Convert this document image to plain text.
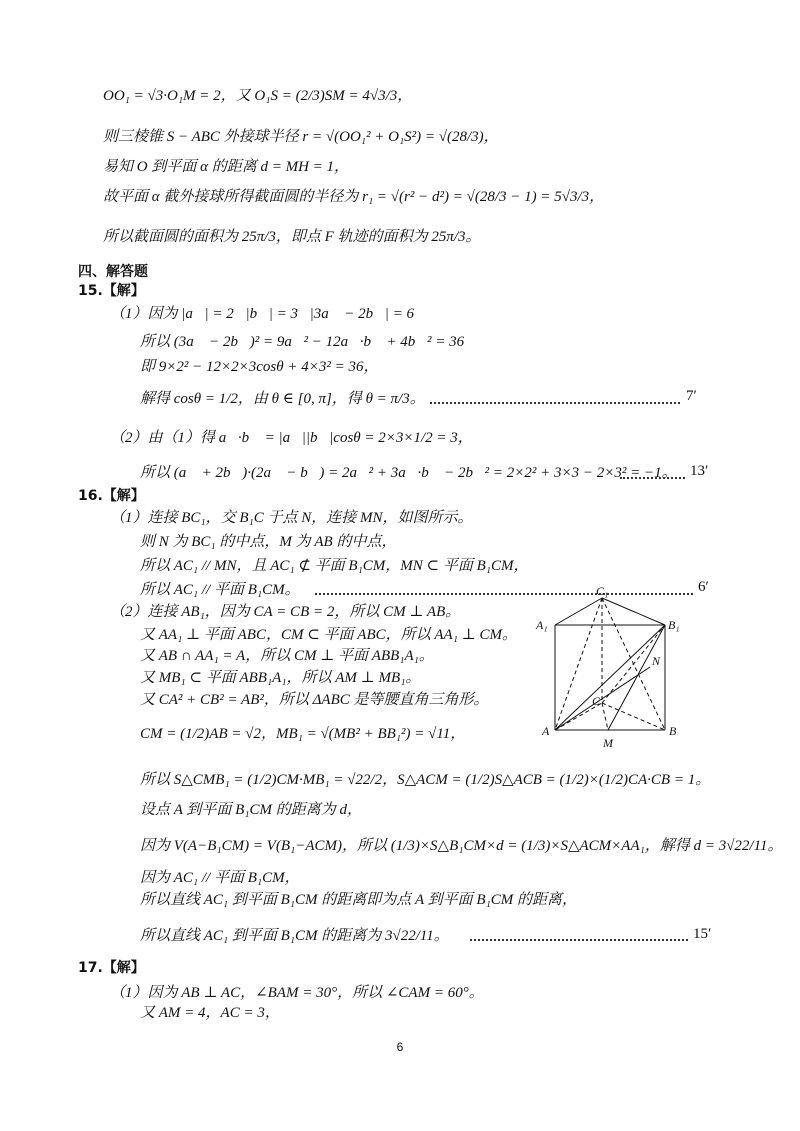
OO₁ = √3·O₁M = 2，又 O₁S = (2/3)SM = 4√3/3，
则三棱锥 S − ABC 外接球半径 r = √(OO₁² + O₁S²) = √(28/3)，
易知 O 到平面 α 的距离 d = MH = 1，
故平面 α 截外接球所得截面圆的半径为 r₁ = √(r² − d²) = √(28/3 − 1) = 5√3/3，
所以截面圆的面积为 25π/3，即点 F 轨迹的面积为 25π/3。
四、解答题
15.【解】
（1）因为 |a⃗| = 2，|b⃗| = 3，|3a⃗ − 2b⃗| = 6，
所以 (3a⃗ − 2b⃗)² = 9a⃗² − 12a⃗·b⃗ + 4b⃗² = 36，
即 9×2² − 12×2×3cosθ + 4×3² = 36，
解得 cosθ = 1/2，由 θ ∈ [0, π]，得 θ = π/3。	7′
（2）由（1）得 a⃗·b⃗ = |a⃗||b⃗|cosθ = 2×3×1/2 = 3，
所以 (a⃗ + 2b⃗)·(2a⃗ − b⃗) = 2a⃗² + 3a⃗·b⃗ − 2b⃗² = 2×2² + 3×3 − 2×3² = −1。 13′
16.【解】
（1）连接 BC₁，交 B₁C 于点 N，连接 MN，如图所示。
则 N 为 BC₁ 的中点，M 为 AB 的中点，
所以 AC₁ // MN，且 AC₁ ⊄ 平面 B₁CM，MN ⊂ 平面 B₁CM，
所以 AC₁ // 平面 B₁CM。	6′
（2）连接 AB₁，因为 CA = CB = 2，所以 CM ⊥ AB。
又 AA₁ ⊥ 平面 ABC，CM ⊂ 平面 ABC，所以 AA₁ ⊥ CM。
又 AB ∩ AA₁ = A，所以 CM ⊥ 平面 ABB₁A₁。
又 MB₁ ⊂ 平面 ABB₁A₁，所以 AM ⊥ MB₁。
又 CA² + CB² = AB²，所以 ΔABC 是等腰直角三角形。
CM = (1/2)AB = √2，MB₁ = √(MB² + BB₁²) = √11，
所以 S△CMB₁ = (1/2)CM·MB₁ = √22/2，S△ACM = (1/2)S△ACB = (1/2)×(1/2)CA·CB = 1。
设点 A 到平面 B₁CM 的距离为 d，
因为 V(A−B₁CM) = V(B₁−ACM)，所以 (1/3)×S△B₁CM×d = (1/3)×S△ACM×AA₁，解得 d = 3√22/11。
因为 AC₁ // 平面 B₁CM，
所以直线 AC₁ 到平面 B₁CM 的距离即为点 A 到平面 B₁CM 的距离，
所以直线 AC₁ 到平面 B₁CM 的距离为 3√22/11。	15′
17.【解】
（1）因为 AB ⊥ AC，∠BAM = 30°，所以 ∠CAM = 60°。
又 AM = 4，AC = 3，
C₁
A₁	B₁
N
C
A
M
B
6
